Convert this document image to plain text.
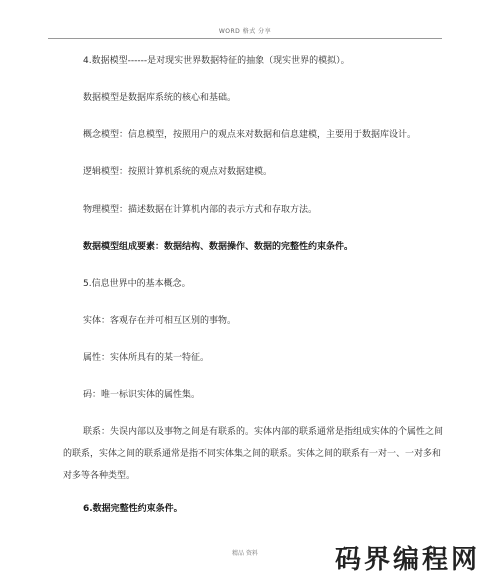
WORD 格式 分享

4.数据模型------是对现实世界数据特征的抽象（现实世界的模拟）。

数据模型是数据库系统的核心和基础。

概念模型：信息模型，按照用户的观点来对数据和信息建模，主要用于数据库设计。

逻辑模型：按照计算机系统的观点对数据建模。

物理模型：描述数据在计算机内部的表示方式和存取方法。

数据模型组成要素：数据结构、数据操作、数据的完整性约束条件。

5.信息世界中的基本概念。

实体：客观存在并可相互区别的事物。

属性：实体所具有的某一特征。

码：唯一标识实体的属性集。

联系：失误内部以及事物之间是有联系的。实体内部的联系通常是指组成实体的个属性之间的联系，实体之间的联系通常是指不同实体集之间的联系。实体之间的联系有一对一、一对多和对多等各种类型。

6.数据完整性约束条件。

精品 资料	码界编程网
